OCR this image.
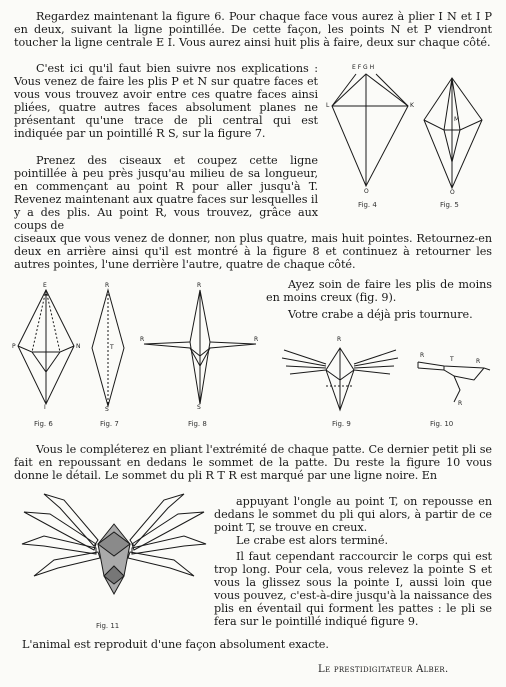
Regardez maintenant la figure 6. Pour chaque face vous aurez à plier I N et I P en deux, suivant la ligne pointillée. De cette façon, les points N et P viendront toucher la ligne centrale E I. Vous aurez ainsi huit plis à faire, deux sur chaque côté.

C'est ici qu'il faut bien suivre nos explications : Vous venez de faire les plis P et N sur quatre faces et vous vous trouvez avoir entre ces quatre faces ainsi pliées, quatre autres faces absolument planes ne présentant qu'une trace de pli central qui est indiquée par un pointillé R S, sur la figure 7.

Prenez des ciseaux et coupez cette ligne pointillée à peu près jusqu'au milieu de sa longueur, en commençant au point R pour aller jusqu'à T. Revenez maintenant aux quatre faces sur lesquelles il y a des plis. Au point R, vous trouvez, grâce aux coups de

ciseaux que vous venez de donner, non plus quatre, mais huit pointes. Retournez-en deux en arrière ainsi qu'il est montré à la figure 8 et continuez à retourner les autres pointes, l'une derrière l'autre, quatre de chaque côté.

E F G H
L	K
O
Fig. 4
M
O
Fig. 5
E
P	N
I
Fig. 6
R
T
S
Fig. 7
R
R	R
S
Fig. 8

Ayez soin de faire les plis de moins en moins creux (fig. 9).

Votre crabe a déjà pris tournure.

R
Fig. 9
R
T	R
R
Fig. 10

Vous le compléterez en pliant l'extrémité de chaque patte. Ce dernier petit pli se fait en repoussant en dedans le sommet de la patte. Du reste la figure 10 vous donne le détail. Le sommet du pli R T R est marqué par une ligne noire. En

Fig. 11

appuyant l'ongle au point T, on repousse en dedans le sommet du pli qui alors, à partir de ce point T, se trouve en creux.

Le crabe est alors terminé.

Il faut cependant raccourcir le corps qui est trop long. Pour cela, vous relevez la pointe S et vous la glissez sous la pointe I, aussi loin que vous pouvez, c'est-à-dire jusqu'à la naissance des plis en éventail qui forment les pattes : le pli se fera sur le pointillé indiqué figure 9.

L'animal est reproduit d'une façon absolument exacte.

Le prestidigitateur Alber.
